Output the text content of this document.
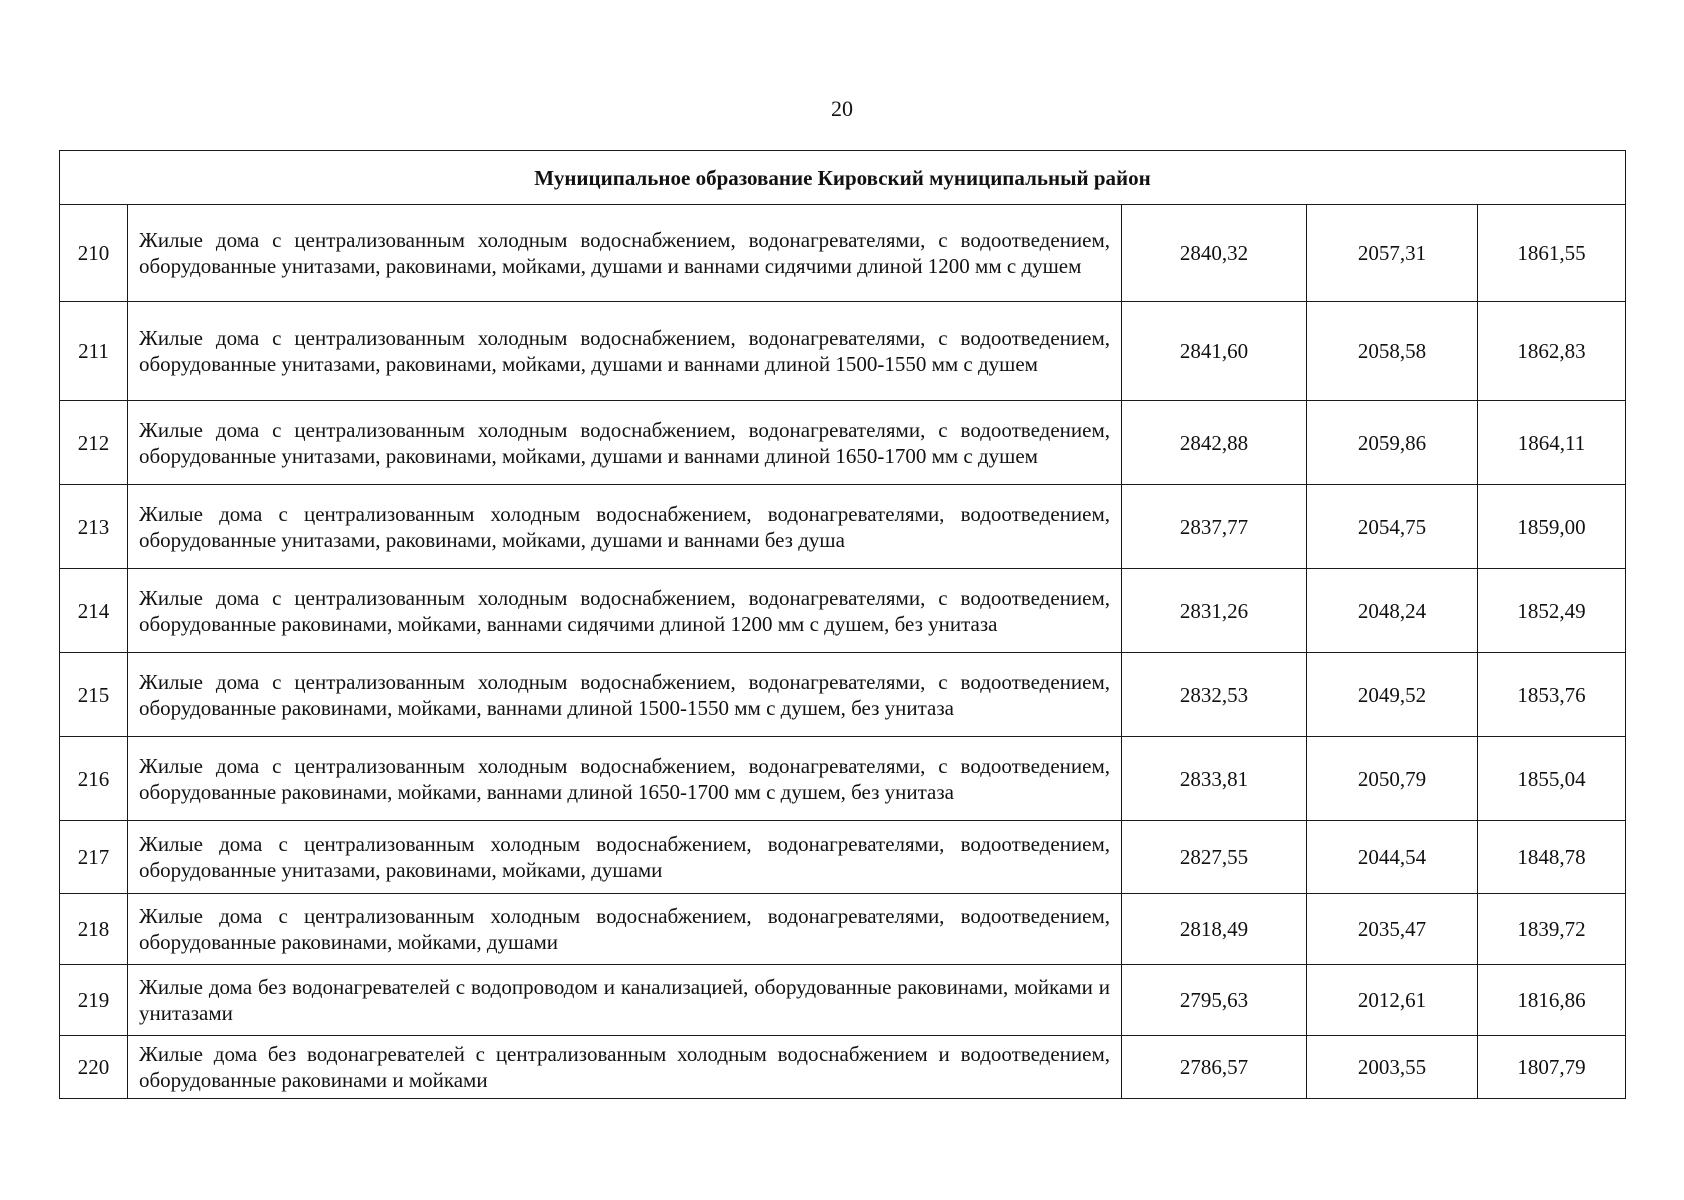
20
Муниципальное образование Кировский муниципальный район				
210	Жилые дома с централизованным холодным водоснабжением, водонагревателями, с водоотведением, оборудованные унитазами, раковинами, мойками, душами и ваннами сидячими длиной 1200 мм с душем	2840,32	2057,31	1861,55
211	Жилые дома с централизованным холодным водоснабжением, водонагревателями, с водоотведением, оборудованные унитазами, раковинами, мойками, душами и ваннами длиной 1500-1550 мм с душем	2841,60	2058,58	1862,83
212	Жилые дома с централизованным холодным водоснабжением, водонагревателями, с водоотведением, оборудованные унитазами, раковинами, мойками, душами и ваннами длиной 1650-1700 мм с душем	2842,88	2059,86	1864,11
213	Жилые дома с централизованным холодным водоснабжением, водонагревателями, водоотведением, оборудованные унитазами, раковинами, мойками, душами и ваннами без душа	2837,77	2054,75	1859,00
214	Жилые дома с централизованным холодным водоснабжением, водонагревателями, с водоотведением, оборудованные раковинами, мойками, ваннами сидячими длиной 1200 мм с душем, без унитаза	2831,26	2048,24	1852,49
215	Жилые дома с централизованным холодным водоснабжением, водонагревателями, с водоотведением, оборудованные раковинами, мойками, ваннами длиной 1500-1550 мм с душем, без унитаза	2832,53	2049,52	1853,76
216	Жилые дома с централизованным холодным водоснабжением, водонагревателями, с водоотведением, оборудованные раковинами, мойками, ваннами длиной 1650-1700 мм с душем, без унитаза	2833,81	2050,79	1855,04
217	Жилые дома с централизованным холодным водоснабжением, водонагревателями, водоотведением, оборудованные унитазами, раковинами, мойками, душами	2827,55	2044,54	1848,78
218	Жилые дома с централизованным холодным водоснабжением, водонагревателями, водоотведением, оборудованные раковинами, мойками, душами	2818,49	2035,47	1839,72
219	Жилые дома без водонагревателей с водопроводом и канализацией, оборудованные раковинами, мойками и унитазами	2795,63	2012,61	1816,86
220	Жилые дома без водонагревателей с централизованным холодным водоснабжением и водоотведением, оборудованные раковинами и мойками	2786,57	2003,55	1807,79
